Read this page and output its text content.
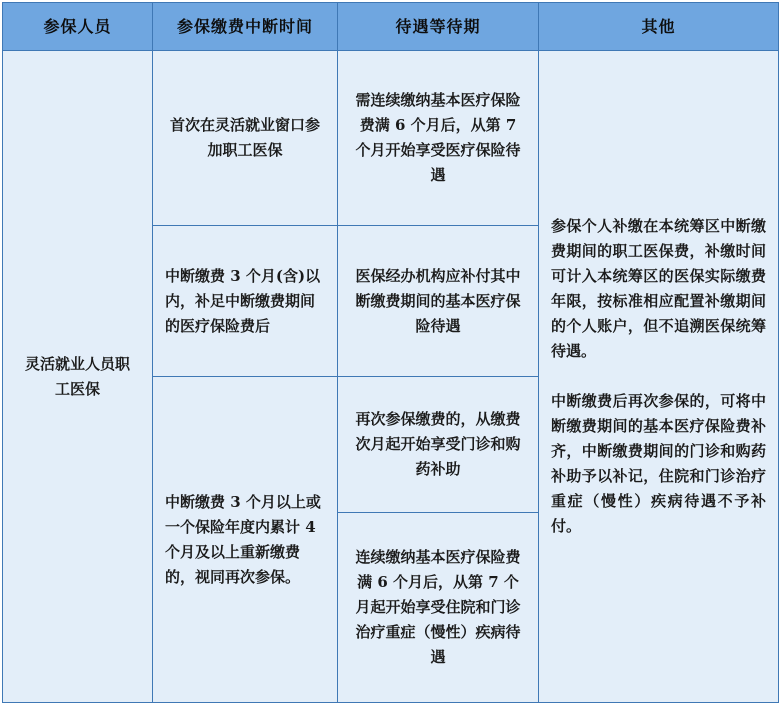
参保人员	参保缴费中断时间	待遇等待期	其他

灵活就业人员职工医保	首次在灵活就业窗口参加职工医保	需连续缴纳基本医疗保险费满 6 个月后，从第 7 个月开始享受医疗保险待遇	参保个人补缴在本统筹区中断缴费期间的职工医保费，补缴时间可计入本统筹区的医保实际缴费年限，按标准相应配置补缴期间的个人账户，但不追溯医保统筹待遇。

中断缴费后再次参保的，可将中断缴费期间的基本医疗保险费补齐，中断缴费期间的门诊和购药补助予以补记，住院和门诊治疗重症（慢性）疾病待遇不予补付。

	中断缴费 3 个月(含)以内，补足中断缴费期间的医疗保险费后	医保经办机构应补付其中断缴费期间的基本医疗保险待遇	

	中断缴费 3 个月以上或一个保险年度内累计 4 个月及以上重新缴费的，视同再次参保。	再次参保缴费的，从缴费次月起开始享受门诊和购药补助	

		连续缴纳基本医疗保险费满 6 个月后，从第 7 个月起开始享受住院和门诊治疗重症（慢性）疾病待遇	
